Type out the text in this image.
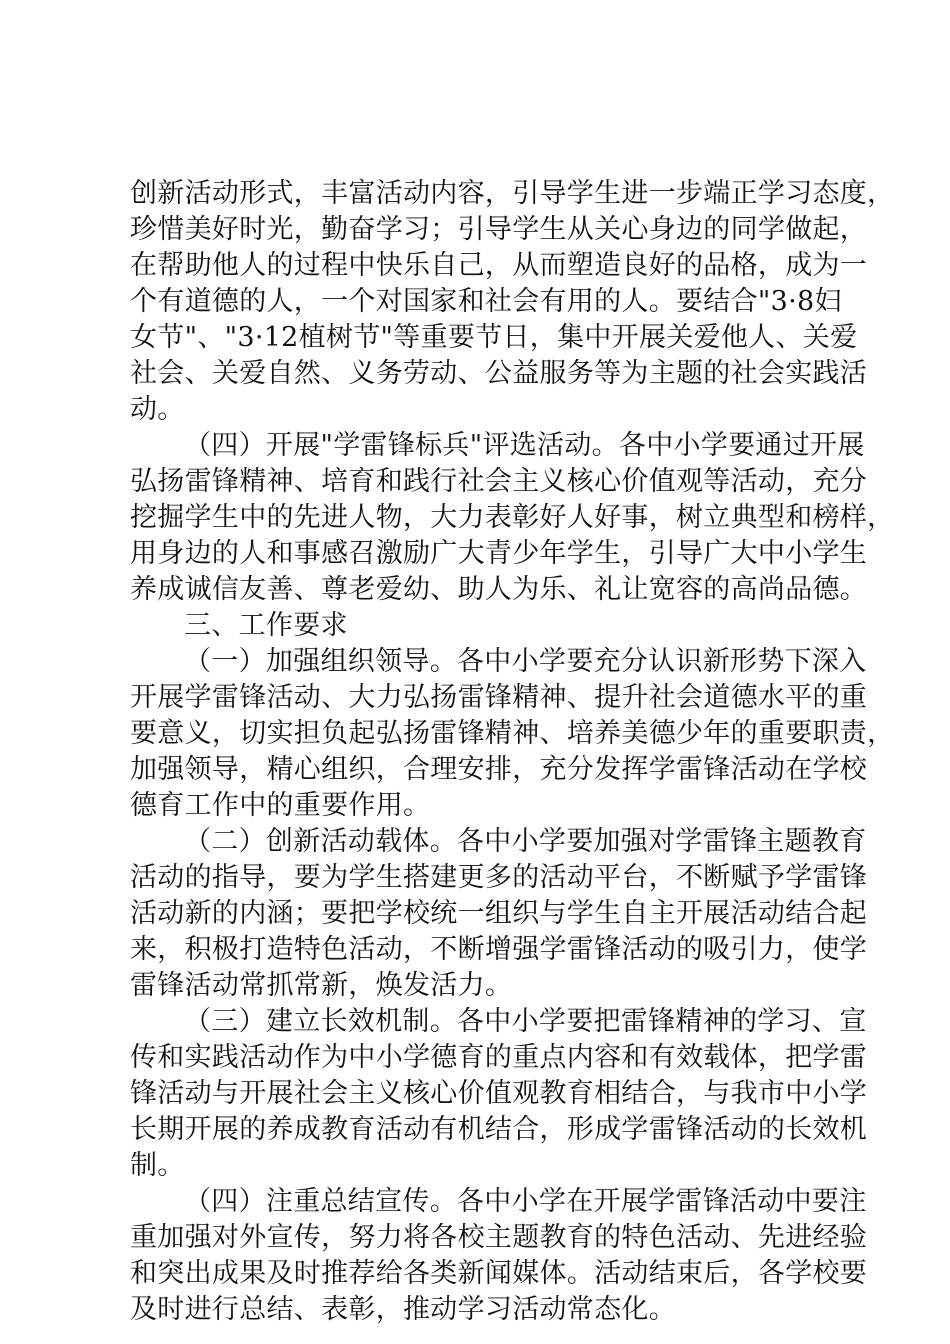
创新活动形式，丰富活动内容，引导学生进一步端正学习态度，
珍惜美好时光，勤奋学习；引导学生从关心身边的同学做起，
在帮助他人的过程中快乐自己，从而塑造良好的品格，成为一
个有道德的人，一个对国家和社会有用的人。要结合"3·8妇
女节"、"3·12植树节"等重要节日，集中开展关爱他人、关爱
社会、关爱自然、义务劳动、公益服务等为主题的社会实践活
动。
（四）开展"学雷锋标兵"评选活动。各中小学要通过开展
弘扬雷锋精神、培育和践行社会主义核心价值观等活动，充分
挖掘学生中的先进人物，大力表彰好人好事，树立典型和榜样，
用身边的人和事感召激励广大青少年学生，引导广大中小学生
养成诚信友善、尊老爱幼、助人为乐、礼让宽容的高尚品德。
三、工作要求
（一）加强组织领导。各中小学要充分认识新形势下深入
开展学雷锋活动、大力弘扬雷锋精神、提升社会道德水平的重
要意义，切实担负起弘扬雷锋精神、培养美德少年的重要职责，
加强领导，精心组织，合理安排，充分发挥学雷锋活动在学校
德育工作中的重要作用。
（二）创新活动载体。各中小学要加强对学雷锋主题教育
活动的指导，要为学生搭建更多的活动平台，不断赋予学雷锋
活动新的内涵；要把学校统一组织与学生自主开展活动结合起
来，积极打造特色活动，不断增强学雷锋活动的吸引力，使学
雷锋活动常抓常新，焕发活力。
（三）建立长效机制。各中小学要把雷锋精神的学习、宣
传和实践活动作为中小学德育的重点内容和有效载体，把学雷
锋活动与开展社会主义核心价值观教育相结合，与我市中小学
长期开展的养成教育活动有机结合，形成学雷锋活动的长效机
制。
（四）注重总结宣传。各中小学在开展学雷锋活动中要注
重加强对外宣传，努力将各校主题教育的特色活动、先进经验
和突出成果及时推荐给各类新闻媒体。活动结束后，各学校要
及时进行总结、表彰，推动学习活动常态化。
